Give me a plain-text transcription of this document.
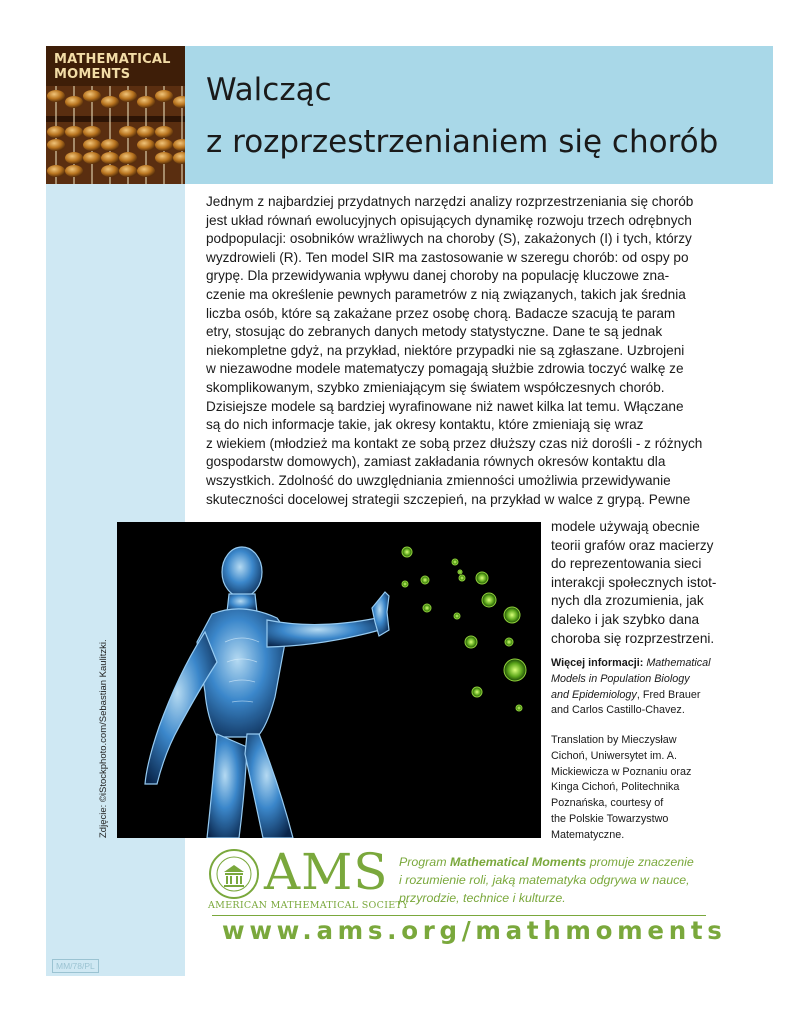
MATHEMATICAL
MOMENTS	Walcząc
z rozprzestrzenianiem się chorób
Jednym z najbardziej przydatnych narzędzi analizy rozprzestrzeniania się chorób
jest układ równań ewolucyjnych opisujących dynamikę rozwoju trzech odrębnych
podpopulacji: osobników wrażliwych na choroby (S), zakażonych (I) i tych, którzy
wyzdrowieli (R). Ten model SIR ma zastosowanie w szeregu chorób: od ospy po
grypę. Dla przewidywania wpływu danej choroby na populację kluczowe zna-
czenie ma określenie pewnych parametrów z nią związanych, takich jak średnia
liczba osób, które są zakażane przez osobę chorą. Badacze szacują te param
etry, stosując do zebranych danych metody statystyczne. Dane te są jednak
niekompletne gdyż, na przykład, niektóre przypadki nie są zgłaszane. Uzbrojeni
w niezawodne modele matematyczy pomagają służbie zdrowia toczyć walkę ze
skomplikowanym, szybko zmieniającym się światem współczesnych chorób.
Dzisiejsze modele są bardziej wyrafinowane niż nawet kilka lat temu. Włączane
są do nich informacje takie, jak okresy kontaktu, które zmieniają się wraz
z wiekiem (młodzież ma kontakt ze sobą przez dłuższy czas niż dorośli - z różnych
gospodarstw domowych), zamiast zakładania równych okresów kontaktu dla
wszystkich. Zdolność do uwzględniania zmienności umożliwia przewidywanie
skuteczności docelowej strategii szczepień, na przykład w walce z grypą. Pewne
Zdjęcie: ©iStockphoto.com/Sebastian Kaulitzki.
modele używają obecnie
teorii grafów oraz macierzy
do reprezentowania sieci
interakcji społecznych istot-
nych dla zrozumienia, jak
daleko i jak szybko dana
choroba się rozprzestrzeni.
Więcej informacji: Mathematical
Models in Population Biology
and Epidemiology, Fred Brauer
and Carlos Castillo-Chavez.
Translation by Mieczysław
Cichoń, Uniwersytet im. A.
Mickiewicza w Poznaniu oraz
Kinga Cichoń, Politechnika
Poznańska, courtesy of
the Polskie Towarzystwo
Matematyczne.
AMS
AMERICAN MATHEMATICAL SOCIETY
Program Mathematical Moments promuje znaczenie
i rozumienie roli, jaką matematyka odgrywa w nauce,
przyrodzie, technice i kulturze.
www.ams.org/mathmoments
MM/78/PL
